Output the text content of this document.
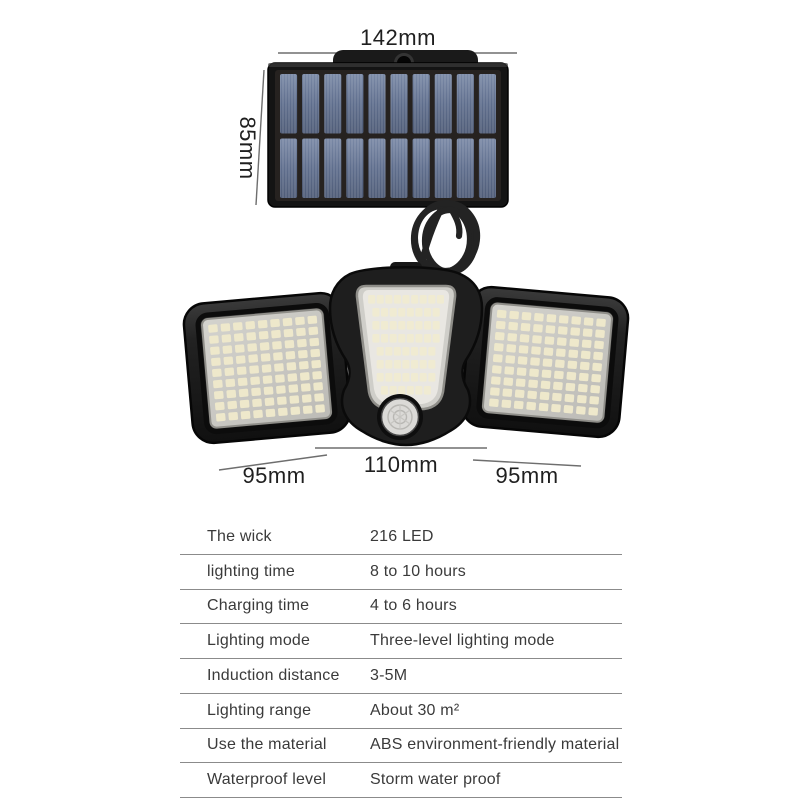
142mm
85mm
95mm	110mm	95mm
The wick	216 LED
lighting time	8 to 10 hours
Charging time	4 to 6 hours
Lighting mode	Three-level lighting mode
Induction distance	3-5M
Lighting range	About 30 m²
Use the material	ABS environment-friendly material
Waterproof level	Storm water proof
